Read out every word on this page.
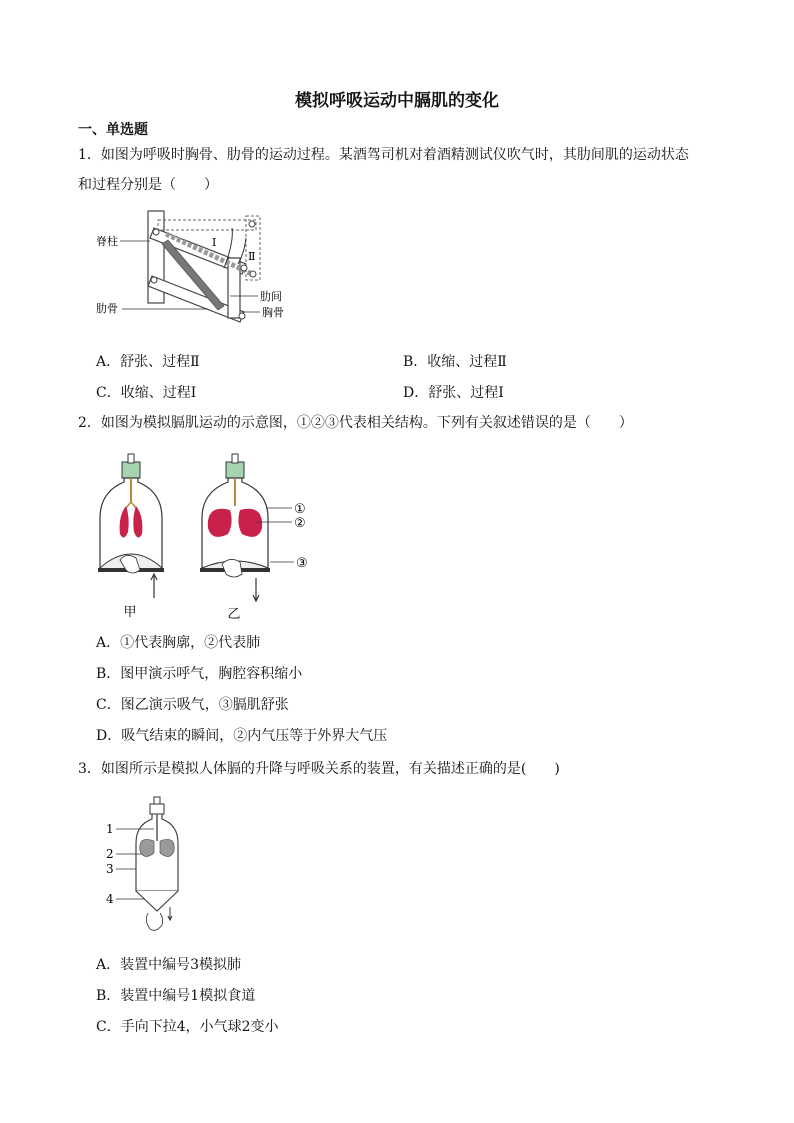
模拟呼吸运动中膈肌的变化
一、单选题
1．如图为呼吸时胸骨、肋骨的运动过程。某酒驾司机对着酒精测试仪吹气时，其肋间肌的运动状态
和过程分别是（　　）
Ⅰ
Ⅱ
脊柱
肋骨
肋间
胸骨
A．舒张、过程Ⅱ	B．收缩、过程Ⅱ
C．收缩、过程Ⅰ	D．舒张、过程Ⅰ
2．如图为模拟膈肌运动的示意图，①②③代表相关结构。下列有关叙述错误的是（　　）
甲	乙
①
②
③
A．①代表胸廓，②代表肺
B．图甲演示呼气，胸腔容积缩小
C．图乙演示吸气，③膈肌舒张
D．吸气结束的瞬间，②内气压等于外界大气压
3．如图所示是模拟人体膈的升降与呼吸关系的装置，有关描述正确的是(　　)
1
2
3
4
A．装置中编号3模拟肺
B．装置中编号1模拟食道
C．手向下拉4，小气球2变小
